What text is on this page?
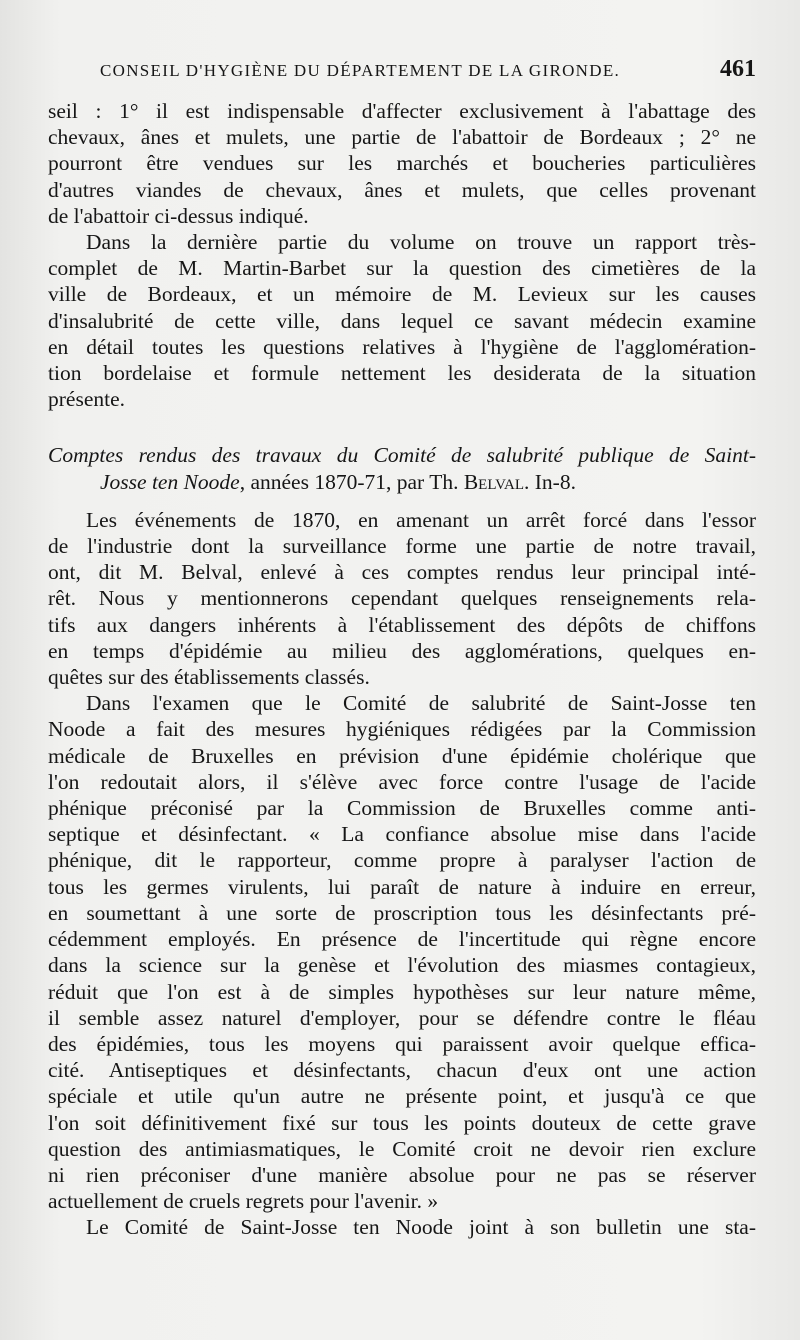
CONSEIL D'HYGIÈNE DU DÉPARTEMENT DE LA GIRONDE.	461
seil : 1° il est indispensable d'affecter exclusivement à l'abattage des
chevaux, ânes et mulets, une partie de l'abattoir de Bordeaux ; 2° ne
pourront être vendues sur les marchés et boucheries particulières
d'autres viandes de chevaux, ânes et mulets, que celles provenant
de l'abattoir ci-dessus indiqué.
Dans la dernière partie du volume on trouve un rapport très-
complet de M. Martin-Barbet sur la question des cimetières de la
ville de Bordeaux, et un mémoire de M. Levieux sur les causes
d'insalubrité de cette ville, dans lequel ce savant médecin examine
en détail toutes les questions relatives à l'hygiène de l'agglomération-
tion bordelaise et formule nettement les desiderata de la situation
présente.
Comptes rendus des travaux du Comité de salubrité publique de Saint-
Josse ten Noode, années 1870-71, par Th. Belval. In-8.
Les événements de 1870, en amenant un arrêt forcé dans l'essor
de l'industrie dont la surveillance forme une partie de notre travail,
ont, dit M. Belval, enlevé à ces comptes rendus leur principal inté-
rêt. Nous y mentionnerons cependant quelques renseignements rela-
tifs aux dangers inhérents à l'établissement des dépôts de chiffons
en temps d'épidémie au milieu des agglomérations, quelques en-
quêtes sur des établissements classés.
Dans l'examen que le Comité de salubrité de Saint-Josse ten
Noode a fait des mesures hygiéniques rédigées par la Commission
médicale de Bruxelles en prévision d'une épidémie cholérique que
l'on redoutait alors, il s'élève avec force contre l'usage de l'acide
phénique préconisé par la Commission de Bruxelles comme anti-
septique et désinfectant. « La confiance absolue mise dans l'acide
phénique, dit le rapporteur, comme propre à paralyser l'action de
tous les germes virulents, lui paraît de nature à induire en erreur,
en soumettant à une sorte de proscription tous les désinfectants pré-
cédemment employés. En présence de l'incertitude qui règne encore
dans la science sur la genèse et l'évolution des miasmes contagieux,
réduit que l'on est à de simples hypothèses sur leur nature même,
il semble assez naturel d'employer, pour se défendre contre le fléau
des épidémies, tous les moyens qui paraissent avoir quelque effica-
cité. Antiseptiques et désinfectants, chacun d'eux ont une action
spéciale et utile qu'un autre ne présente point, et jusqu'à ce que
l'on soit définitivement fixé sur tous les points douteux de cette grave
question des antimiasmatiques, le Comité croit ne devoir rien exclure
ni rien préconiser d'une manière absolue pour ne pas se réserver
actuellement de cruels regrets pour l'avenir. »
Le Comité de Saint-Josse ten Noode joint à son bulletin une sta-
